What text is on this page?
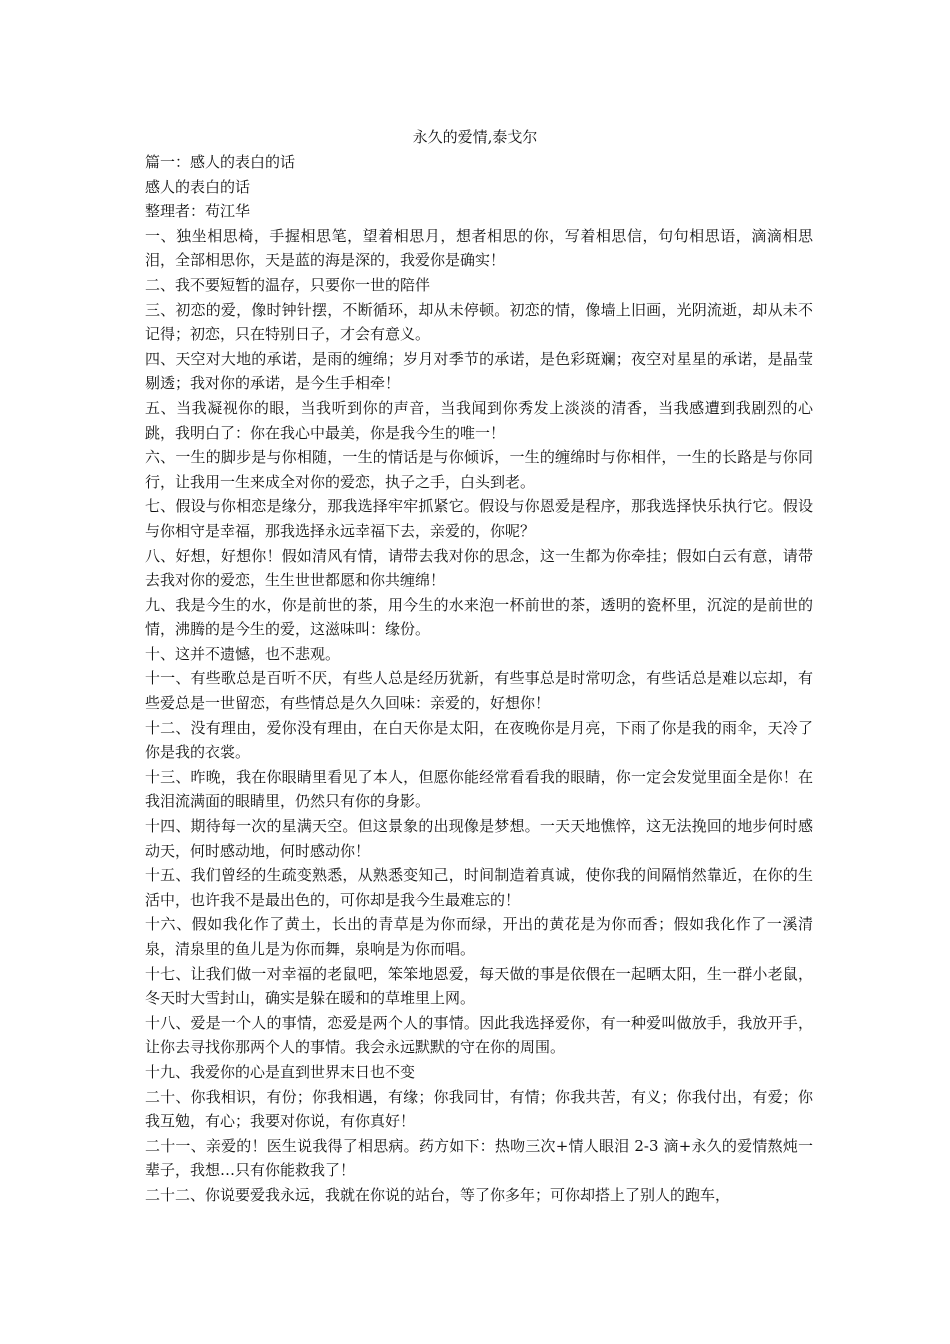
永久的爱情,泰戈尔

篇一：感人的表白的话

感人的表白的话

整理者：苟江华

一、独坐相思椅，手握相思笔，望着相思月，想者相思的你，写着相思信，句句相思语，滴滴相思泪，全部相思你，天是蓝的海是深的，我爱你是确实！

二、我不要短暂的温存，只要你一世的陪伴

三、初恋的爱，像时钟针摆，不断循环，却从未停顿。初恋的情，像墙上旧画，光阴流逝，却从未不记得；初恋，只在特别日子，才会有意义。

四、天空对大地的承诺，是雨的缠绵；岁月对季节的承诺，是色彩斑斓；夜空对星星的承诺，是晶莹剔透；我对你的承诺，是今生手相牵！

五、当我凝视你的眼，当我听到你的声音，当我闻到你秀发上淡淡的清香，当我感遭到我剧烈的心跳，我明白了：你在我心中最美，你是我今生的唯一！

六、一生的脚步是与你相随，一生的情话是与你倾诉，一生的缠绵时与你相伴，一生的长路是与你同行，让我用一生来成全对你的爱恋，执子之手，白头到老。

七、假设与你相恋是缘分，那我选择牢牢抓紧它。假设与你恩爱是程序，那我选择快乐执行它。假设与你相守是幸福，那我选择永远幸福下去，亲爱的，你呢？

八、好想，好想你！假如清风有情，请带去我对你的思念，这一生都为你牵挂；假如白云有意，请带去我对你的爱恋，生生世世都愿和你共缠绵！

九、我是今生的水，你是前世的茶，用今生的水来泡一杯前世的茶，透明的瓷杯里，沉淀的是前世的情，沸腾的是今生的爱，这滋味叫：缘份。

十、这并不遗憾，也不悲观。

十一、有些歌总是百听不厌，有些人总是经历犹新，有些事总是时常叨念，有些话总是难以忘却，有些爱总是一世留恋，有些情总是久久回味：亲爱的，好想你！

十二、没有理由，爱你没有理由，在白天你是太阳，在夜晚你是月亮，下雨了你是我的雨伞，天冷了你是我的衣裳。

十三、昨晚，我在你眼睛里看见了本人，但愿你能经常看看我的眼睛，你一定会发觉里面全是你！在我泪流满面的眼睛里，仍然只有你的身影。

十四、期待每一次的星满天空。但这景象的出现像是梦想。一天天地憔悴，这无法挽回的地步何时感动天，何时感动地，何时感动你！

十五、我们曾经的生疏变熟悉，从熟悉变知己，时间制造着真诚，使你我的间隔悄然靠近，在你的生活中，也许我不是最出色的，可你却是我今生最难忘的！

十六、假如我化作了黄土，长出的青草是为你而绿，开出的黄花是为你而香；假如我化作了一溪清泉，清泉里的鱼儿是为你而舞，泉响是为你而唱。

十七、让我们做一对幸福的老鼠吧，笨笨地恩爱，每天做的事是依偎在一起晒太阳，生一群小老鼠，冬天时大雪封山，确实是躲在暖和的草堆里上网。

十八、爱是一个人的事情，恋爱是两个人的事情。因此我选择爱你，有一种爱叫做放手，我放开手，让你去寻找你那两个人的事情。我会永远默默的守在你的周围。

十九、我爱你的心是直到世界末日也不变

二十、你我相识，有份；你我相遇，有缘；你我同甘，有情；你我共苦，有义；你我付出，有爱；你我互勉，有心；我要对你说，有你真好！

二十一、亲爱的！医生说我得了相思病。药方如下：热吻三次+情人眼泪 2-3 滴+永久的爱情熬炖一辈子，我想…只有你能救我了！

二十二、你说要爱我永远，我就在你说的站台，等了你多年；可你却搭上了别人的跑车，
